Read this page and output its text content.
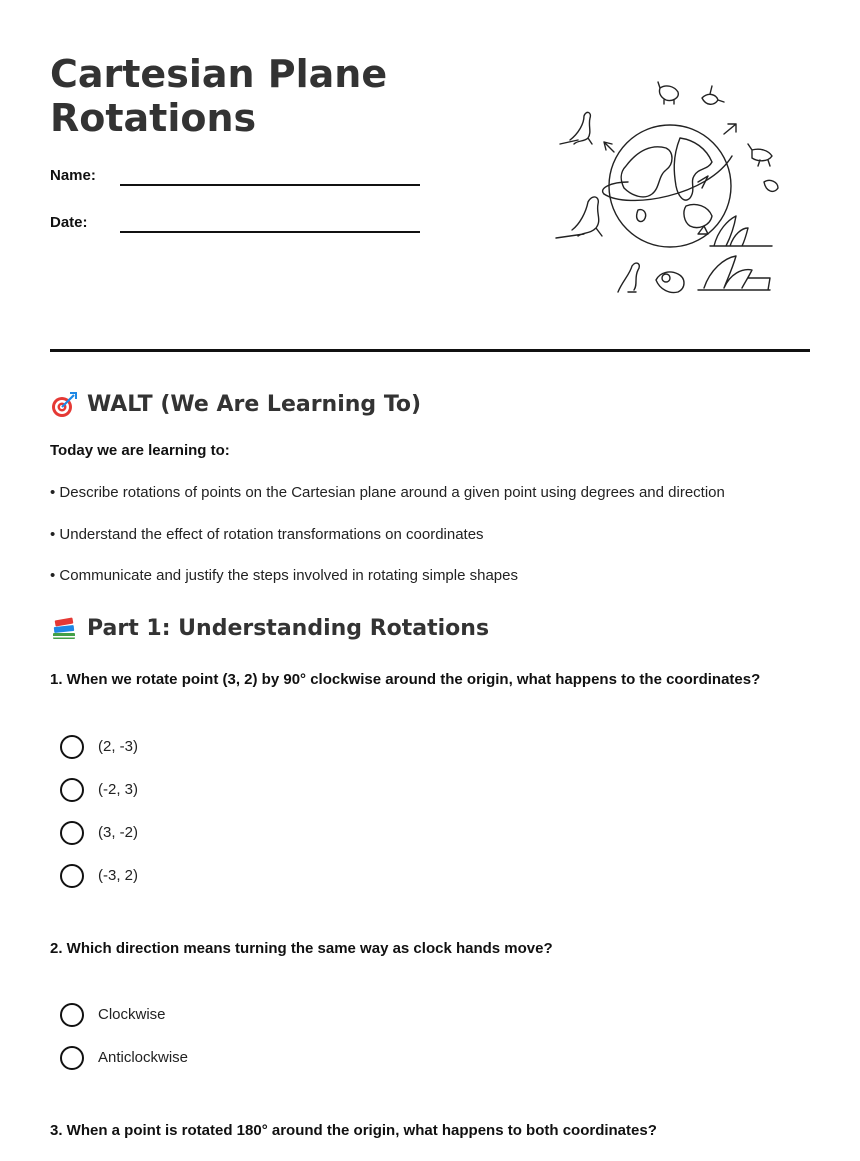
Cartesian Plane Rotations
Name:
Date:
WALT (We Are Learning To)

Today we are learning to:

• Describe rotations of points on the Cartesian plane around a given point using degrees and direction

• Understand the effect of rotation transformations on coordinates

• Communicate and justify the steps involved in rotating simple shapes

Part 1: Understanding Rotations

1. When we rotate point (3, 2) by 90° clockwise around the origin, what happens to the coordinates?

(2, -3)
(-2, 3)
(3, -2)
(-3, 2)

2. Which direction means turning the same way as clock hands move?

Clockwise
Anticlockwise

3. When a point is rotated 180° around the origin, what happens to both coordinates?
